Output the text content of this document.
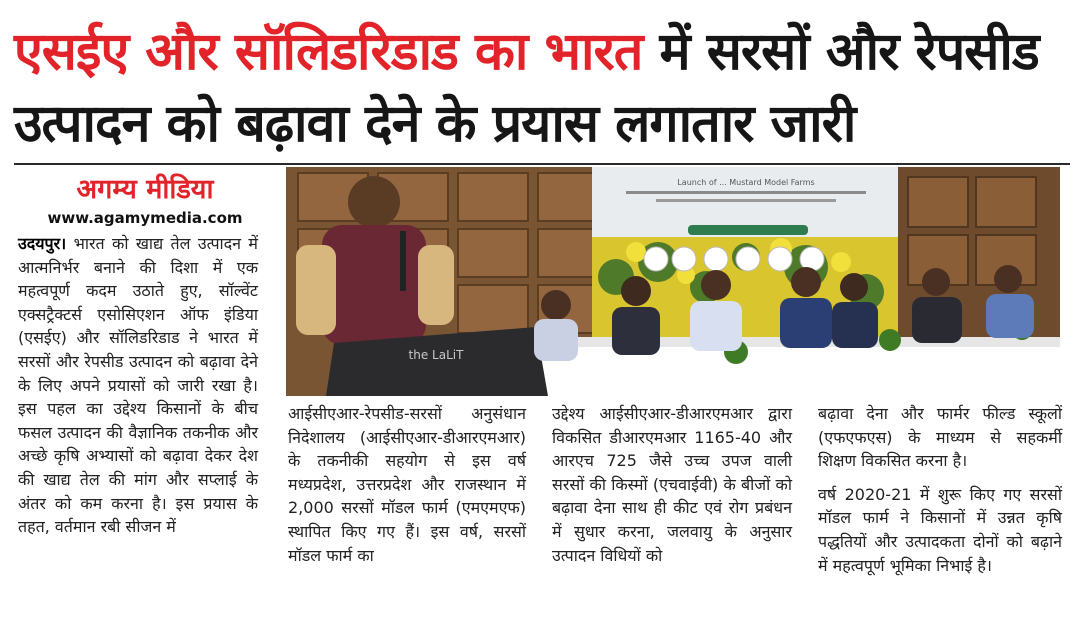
एसईए और सॉलिडरिडाड का भारत में सरसों और रेपसीड
उत्पादन को बढ़ावा देने के प्रयास लगातार जारी
अगम्य मीडिया
www.agamymedia.com
Launch of ... Mustard Model Farms
the LaLiT

उदयपुर। भारत को खाद्य तेल उत्पादन में आत्मनिर्भर बनाने की दिशा में एक महत्वपूर्ण कदम उठाते हुए, सॉल्वेंट एक्सट्रैक्टर्स एसोसिएशन ऑफ इंडिया (एसईए) और सॉलिडरिडाड ने भारत में सरसों और रेपसीड उत्पादन को बढ़ावा देने के लिए अपने प्रयासों को जारी रखा है। इस पहल का उद्देश्य किसानों के बीच फसल उत्पादन की वैज्ञानिक तकनीक और अच्छे कृषि अभ्यासों को बढ़ावा देकर देश की खाद्य तेल की मांग और सप्लाई के अंतर को कम करना है। इस प्रयास के तहत, वर्तमान रबी सीजन में

आईसीएआर-रेपसीड-सरसों अनुसंधान निदेशालय (आईसीएआर-डीआरएमआर) के तकनीकी सहयोग से इस वर्ष मध्यप्रदेश, उत्तरप्रदेश और राजस्थान में 2,000 सरसों मॉडल फार्म (एमएमएफ) स्थापित किए गए हैं। इस वर्ष, सरसों मॉडल फार्म का

उद्देश्य आईसीएआर-डीआरएमआर द्वारा विकसित डीआरएमआर 1165-40 और आरएच 725 जैसे उच्च उपज वाली सरसों की किस्मों (एचवाईवी) के बीजों को बढ़ावा देना साथ ही कीट एवं रोग प्रबंधन में सुधार करना, जलवायु के अनुसार उत्पादन विधियों को

बढ़ावा देना और फार्मर फील्ड स्कूलों (एफएफएस) के माध्यम से सहकर्मी शिक्षण विकसित करना है।

वर्ष 2020-21 में शुरू किए गए सरसों मॉडल फार्म ने किसानों में उन्नत कृषि पद्धतियों और उत्पादकता दोनों को बढ़ाने में महत्वपूर्ण भूमिका निभाई है।
